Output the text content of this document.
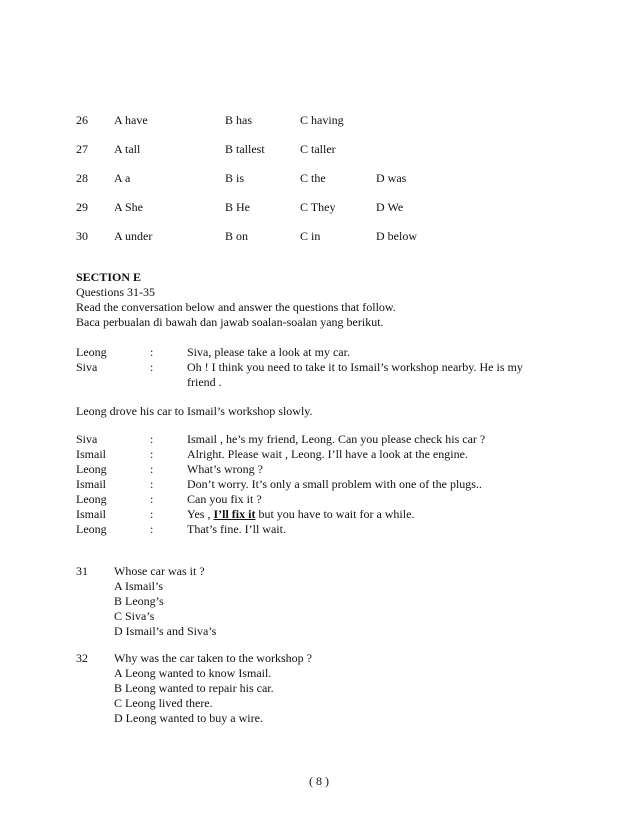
26 A have	B has	C having
27 A tall	B tallest	C taller
28 A a	B is	C the	D was
29 A She	B He	C They	D We
30 A under	B on	C in	D below
SECTION E
Questions 31-35
Read the conversation below and answer the questions that follow.
Baca perbualan di bawah dan jawab soalan-soalan yang berikut.
Leong	:	Siva, please take a look at my car.
Siva	:	Oh ! I think you need to take it to Ismail’s workshop nearby. He is my
friend .
Leong drove his car to Ismail’s workshop slowly.
Siva	:	Ismail , he’s my friend, Leong. Can you please check his car ?
Ismail	:	Alright. Please wait , Leong. I’ll have a look at the engine.
Leong	:	What’s wrong ?
Ismail	:	Don’t worry. It’s only a small problem with one of the plugs..
Leong	:	Can you fix it ?
Ismail	:	Yes , I’ll fix it but you have to wait for a while.
Leong	:	That’s fine. I’ll wait.
31 Whose car was it ?
A Ismail’s
B Leong’s
C Siva’s
D Ismail’s and Siva’s
32 Why was the car taken to the workshop ?
A Leong wanted to know Ismail.
B Leong wanted to repair his car.
C Leong lived there.
D Leong wanted to buy a wire.
( 8 )
